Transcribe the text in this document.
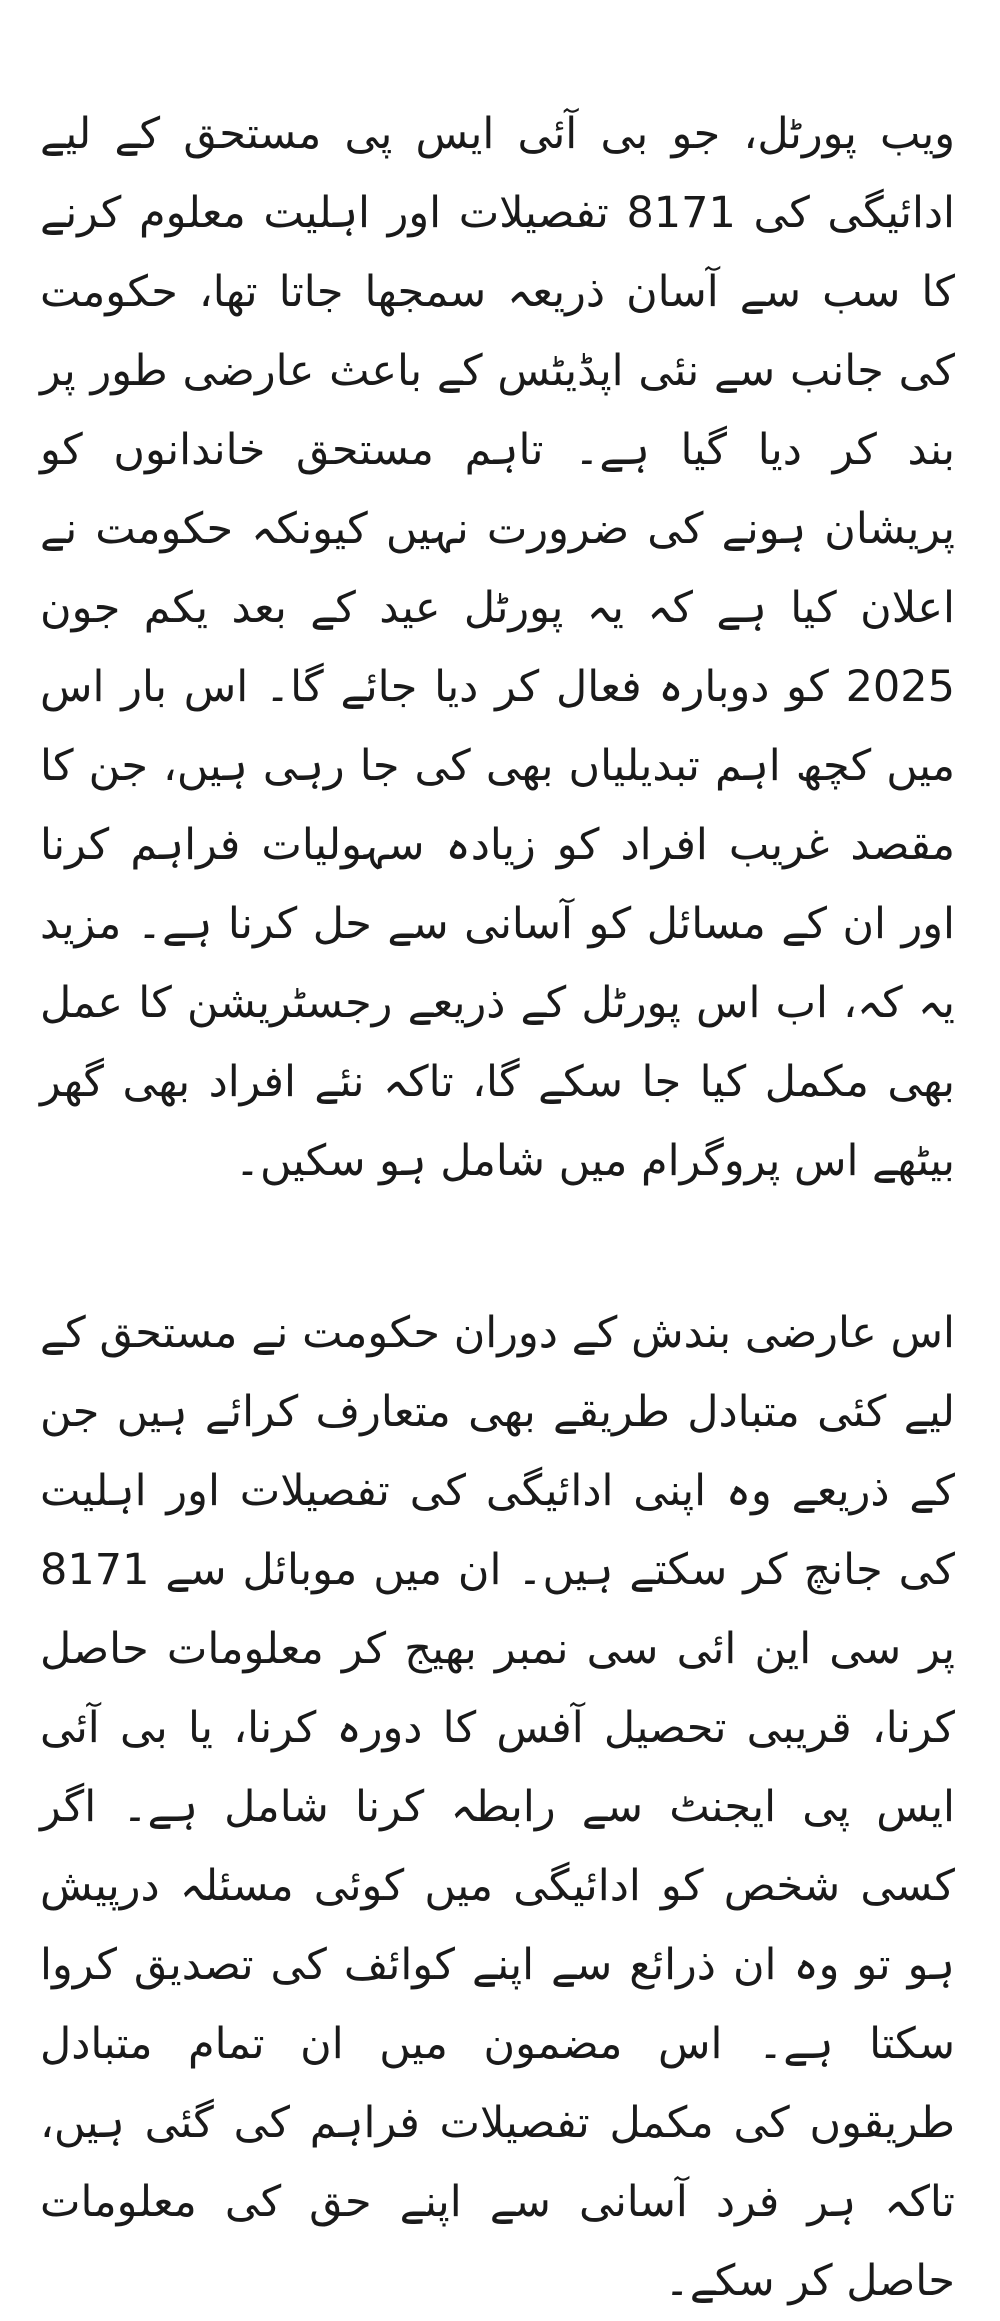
ویب پورٹل، جو بی آئی ایس پی مستحق کے لیے ادائیگی کی 8171 تفصیلات اور اہلیت معلوم کرنے کا سب سے آسان ذریعہ سمجھا جاتا تھا، حکومت کی جانب سے نئی اپڈیٹس کے باعث عارضی طور پر بند کر دیا گیا ہے۔ تاہم مستحق خاندانوں کو پریشان ہونے کی ضرورت نہیں کیونکہ حکومت نے اعلان کیا ہے کہ یہ پورٹل عید کے بعد یکم جون 2025 کو دوبارہ فعال کر دیا جائے گا۔ اس بار اس میں کچھ اہم تبدیلیاں بھی کی جا رہی ہیں، جن کا مقصد غریب افراد کو زیادہ سہولیات فراہم کرنا اور ان کے مسائل کو آسانی سے حل کرنا ہے۔ مزید یہ کہ، اب اس پورٹل کے ذریعے رجسٹریشن کا عمل بھی مکمل کیا جا سکے گا، تاکہ نئے افراد بھی گھر بیٹھے اس پروگرام میں شامل ہو سکیں۔

اس عارضی بندش کے دوران حکومت نے مستحق کے لیے کئی متبادل طریقے بھی متعارف کرائے ہیں جن کے ذریعے وہ اپنی ادائیگی کی تفصیلات اور اہلیت کی جانچ کر سکتے ہیں۔ ان میں موبائل سے 8171 پر سی این ائی سی نمبر بھیج کر معلومات حاصل کرنا، قریبی تحصیل آفس کا دورہ کرنا، یا بی آئی ایس پی ایجنٹ سے رابطہ کرنا شامل ہے۔ اگر کسی شخص کو ادائیگی میں کوئی مسئلہ درپیش ہو تو وہ ان ذرائع سے اپنے کوائف کی تصدیق کروا سکتا ہے۔ اس مضمون میں ان تمام متبادل طریقوں کی مکمل تفصیلات فراہم کی گئی ہیں، تاکہ ہر فرد آسانی سے اپنے حق کی معلومات حاصل کر سکے۔
